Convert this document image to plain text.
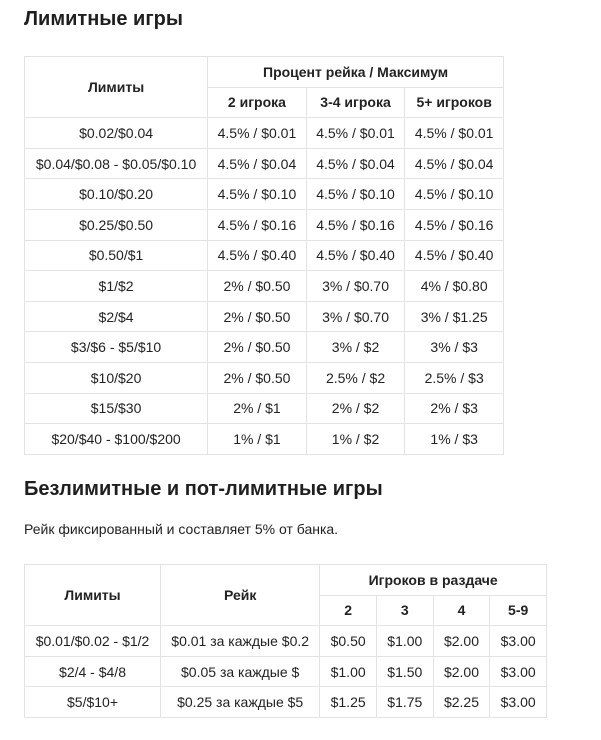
Лимитные игры
Лимиты	Процент рейка / Максимум		
	2 игрока	3-4 игрока	5+ игроков
$0.02/$0.04	4.5% / $0.01	4.5% / $0.01	4.5% / $0.01
$0.04/$0.08 - $0.05/$0.10	4.5% / $0.04	4.5% / $0.04	4.5% / $0.04
$0.10/$0.20	4.5% / $0.10	4.5% / $0.10	4.5% / $0.10
$0.25/$0.50	4.5% / $0.16	4.5% / $0.16	4.5% / $0.16
$0.50/$1	4.5% / $0.40	4.5% / $0.40	4.5% / $0.40
$1/$2	2% / $0.50	3% / $0.70	4% / $0.80
$2/$4	2% / $0.50	3% / $0.70	3% / $1.25
$3/$6 - $5/$10	2% / $0.50	3% / $2	3% / $3
$10/$20	2% / $0.50	2.5% / $2	2.5% / $3
$15/$30	2% / $1	2% / $2	2% / $3
$20/$40 - $100/$200	1% / $1	1% / $2	1% / $3
Безлимитные и пот-лимитные игры

Рейк фиксированный и составляет 5% от банка.

Лимиты	Рейк	Игроков в раздаче			
		2	3	4	5-9
$0.01/$0.02 - $1/2	$0.01 за каждые $0.2	$0.50	$1.00	$2.00	$3.00
$2/4 - $4/8	$0.05 за каждые $	$1.00	$1.50	$2.00	$3.00
$5/$10+	$0.25 за каждые $5	$1.25	$1.75	$2.25	$3.00
